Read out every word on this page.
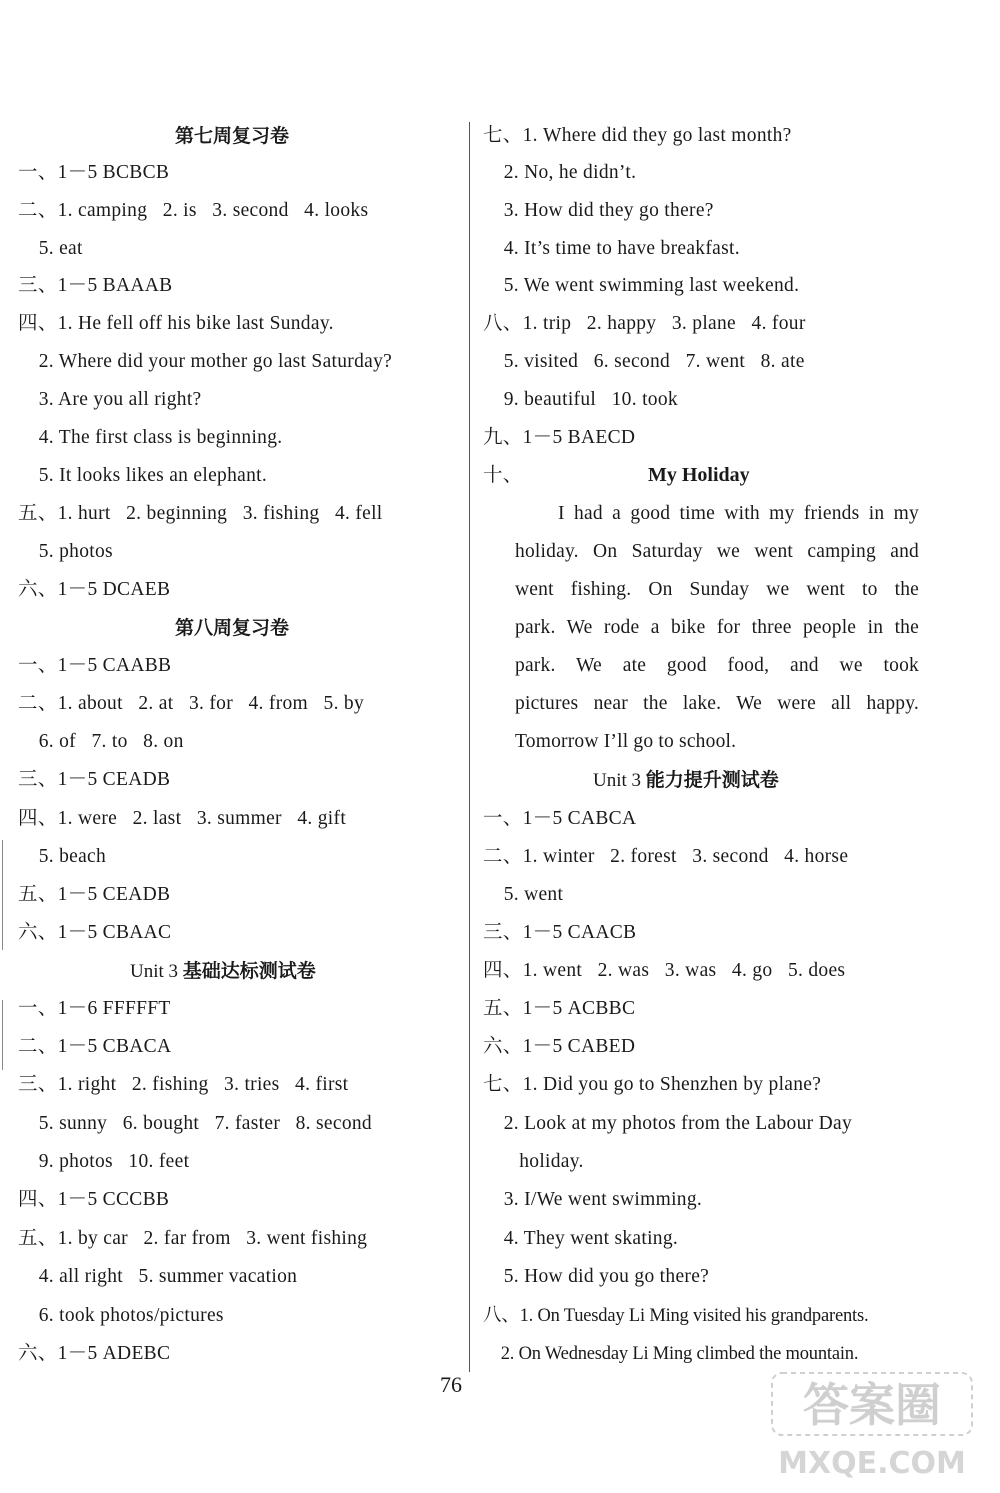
第七周复习卷
一、1－5 BCBCB
二、1. camping   2. is   3. second   4. looks
5. eat
三、1－5 BAAAB
四、1. He fell off his bike last Sunday.
2. Where did your mother go last Saturday?
3. Are you all right?
4. The first class is beginning.
5. It looks likes an elephant.
五、1. hurt   2. beginning   3. fishing   4. fell
5. photos
六、1－5 DCAEB
第八周复习卷
一、1－5 CAABB
二、1. about   2. at   3. for   4. from   5. by
6. of   7. to   8. on
三、1－5 CEADB
四、1. were   2. last   3. summer   4. gift
5. beach
五、1－5 CEADB
六、1－5 CBAAC
Unit 3 基础达标测试卷
一、1－6 FFFFFT
二、1－5 CBACA
三、1. right   2. fishing   3. tries   4. first
5. sunny   6. bought   7. faster   8. second
9. photos   10. feet
四、1－5 CCCBB
五、1. by car   2. far from   3. went fishing
4. all right   5. summer vacation
6. took photos/pictures
六、1－5 ADEBC
七、1. Where did they go last month?
2. No, he didn’t.
3. How did they go there?
4. It’s time to have breakfast.
5. We went swimming last weekend.
八、1. trip   2. happy   3. plane   4. four
5. visited   6. second   7. went   8. ate
9. beautiful   10. took
九、1－5 BAECD
十、	My Holiday
I had a good time with my friends in my
holiday. On Saturday we went camping and
went fishing. On Sunday we went to the
park. We rode a bike for three people in the
park. We ate good food, and we took
pictures near the lake. We were all happy.
Tomorrow I’ll go to school.
Unit 3 能力提升测试卷
一、1－5 CABCA
二、1. winter   2. forest   3. second   4. horse
5. went
三、1－5 CAACB
四、1. went   2. was   3. was   4. go   5. does
五、1－5 ACBBC
六、1－5 CABED
七、1. Did you go to Shenzhen by plane?
2. Look at my photos from the Labour Day
holiday.
3. I/We went swimming.
4. They went skating.
5. How did you go there?
八、1. On Tuesday Li Ming visited his grandparents.
2. On Wednesday Li Ming climbed the mountain.
76	答案圈
MXQE.COM
